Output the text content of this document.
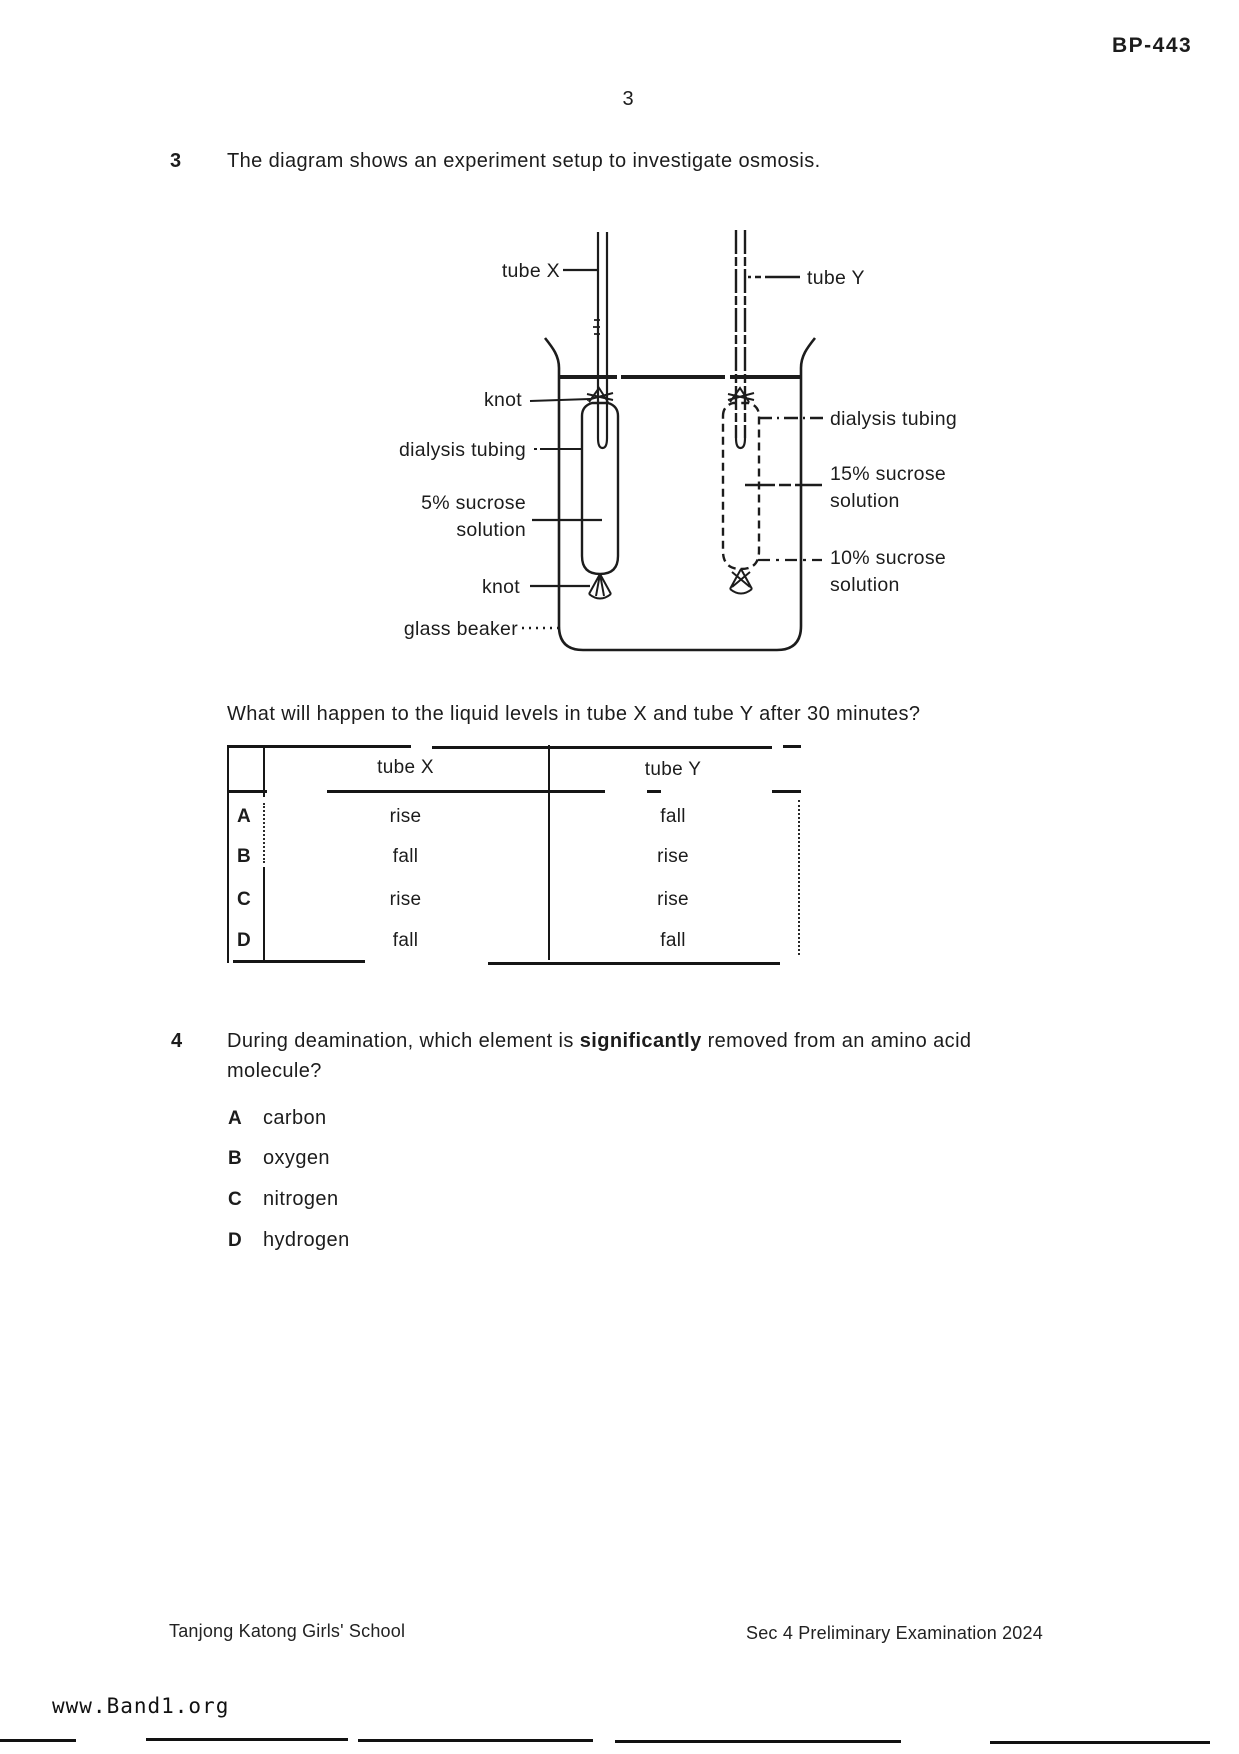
BP-443
3
3 The diagram shows an experiment setup to investigate osmosis.
tube X	tube Y
knot
dialysis tubing
5% sucrose
solution
knot
glass beaker
dialysis tubing
15% sucrose
solution
10% sucrose
solution
What will happen to the liquid levels in tube X and tube Y after 30 minutes?
tube X	tube Y
A	rise	fall
B	fall	rise
C	rise	rise
D	fall	fall
4 During deamination, which element is significantly removed from an amino acid
molecule?
A carbon
B oxygen
C nitrogen
D hydrogen
Tanjong Katong Girls' School	Sec 4 Preliminary Examination 2024
www.Band1.org
